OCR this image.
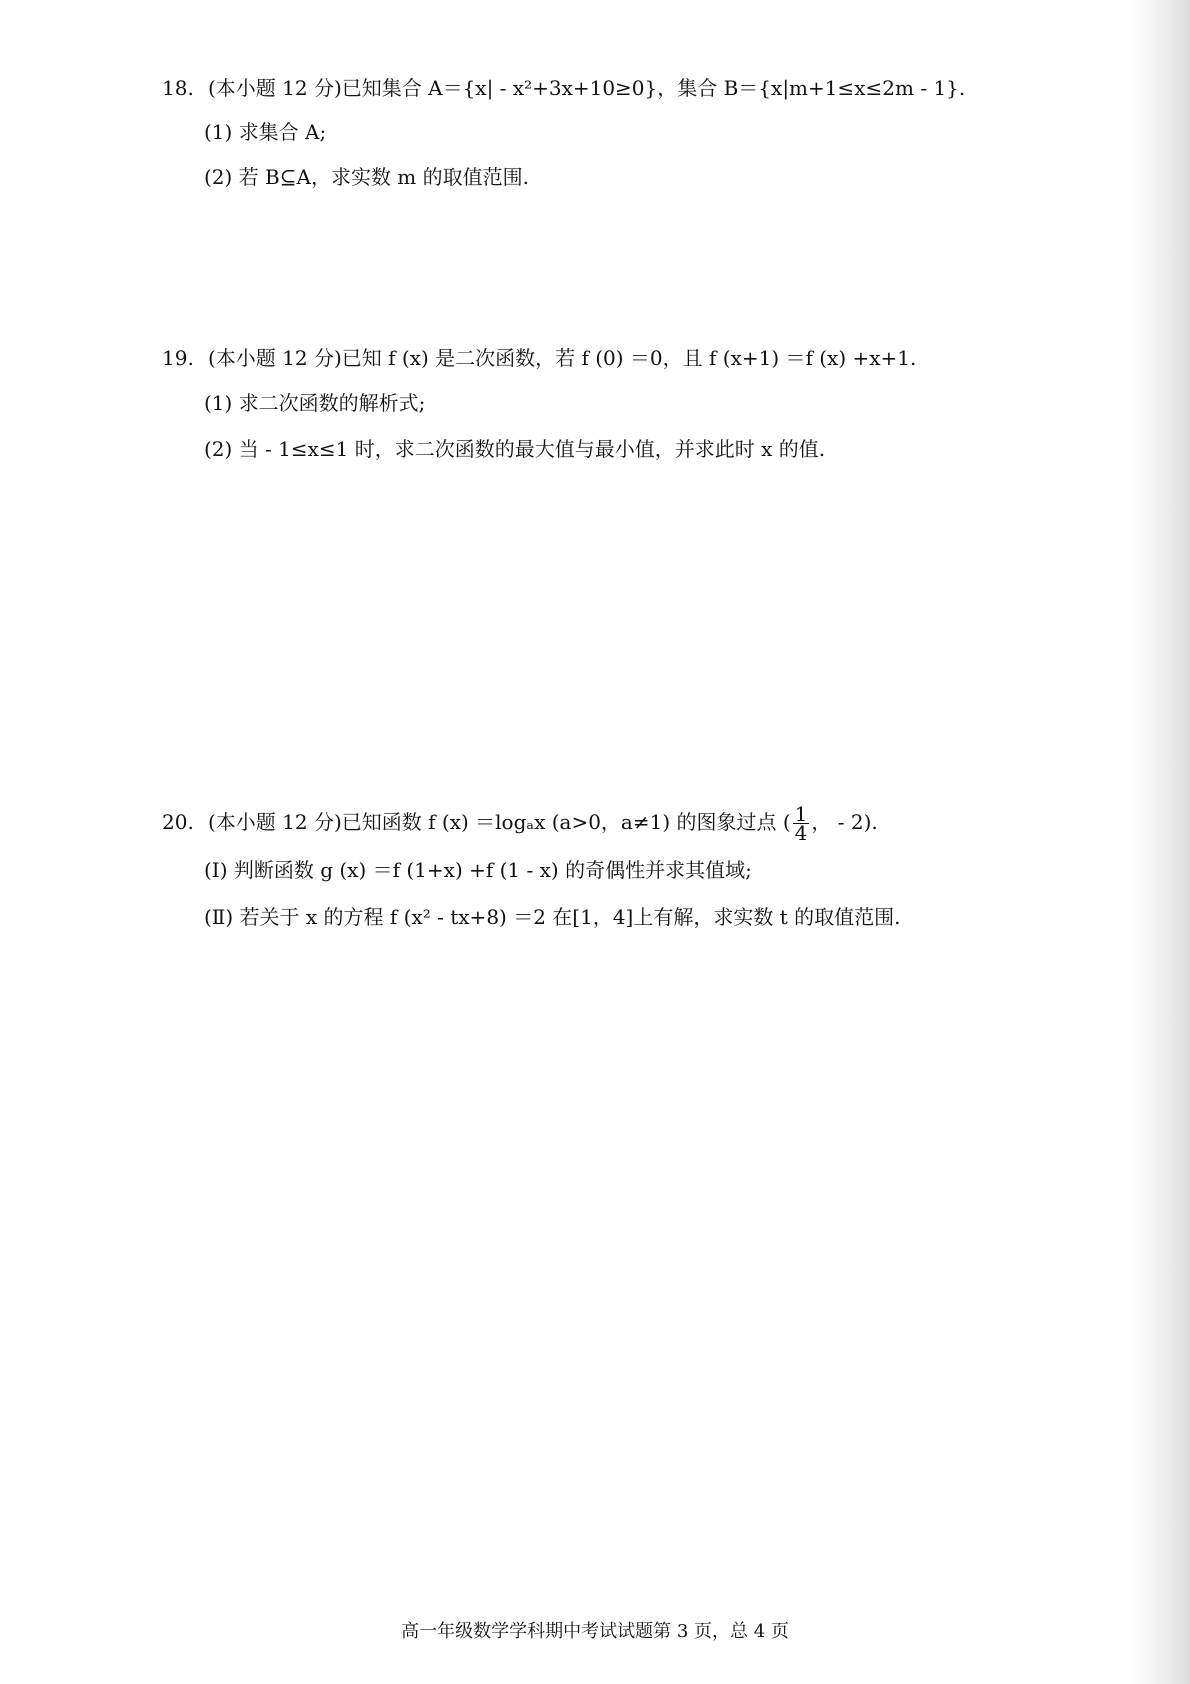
18. (本小题 12 分)已知集合 A＝{x| - x²+3x+10≥0}，集合 B＝{x|m+1≤x≤2m - 1}.
(1) 求集合 A;
(2) 若 B⊆A，求实数 m 的取值范围.
19. (本小题 12 分)已知 f (x) 是二次函数，若 f (0) ＝0，且 f (x+1) ＝f (x) +x+1.
(1) 求二次函数的解析式;
(2) 当 - 1≤x≤1 时，求二次函数的最大值与最小值，并求此时 x 的值.
20. (本小题 12 分)已知函数 f (x) ＝logₐx (a>0，a≠1) 的图象过点 ( $\frac{1}{4}$ ， - 2).
(Ⅰ) 判断函数 g (x) ＝f (1+x) +f (1 - x) 的奇偶性并求其值域;
(Ⅱ) 若关于 x 的方程 f (x² - tx+8) ＝2 在[1，4]上有解，求实数 t 的取值范围.
高一年级数学学科期中考试试题第 3 页，总 4 页
